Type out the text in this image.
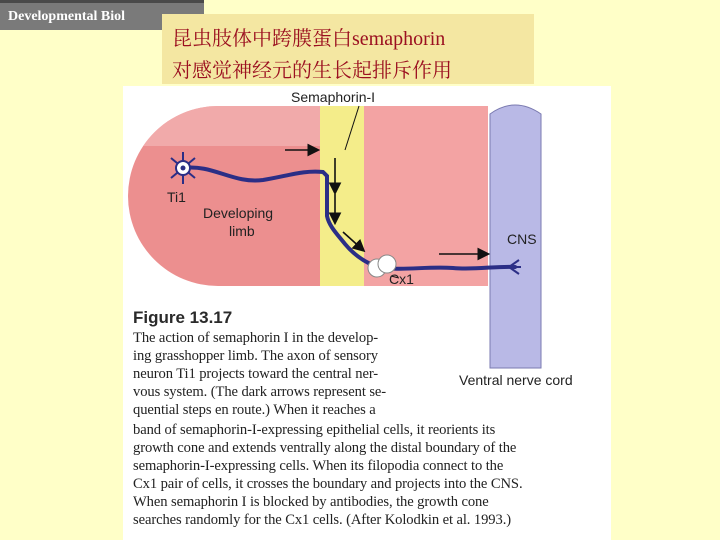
Developmental Biol
昆虫肢体中跨膜蛋白semaphorin
对感觉神经元的生长起排斥作用
Semaphorin-I
Ti1
Developing
limb	CNS
Cx1
Ventral nerve cord
Figure 13.17
The action of semaphorin I in the develop-
ing grasshopper limb. The axon of sensory
neuron Ti1 projects toward the central ner-
vous system. (The dark arrows represent se-
quential steps en route.) When it reaches a
band of semaphorin-I-expressing epithelial cells, it reorients its
growth cone and extends ventrally along the distal boundary of the
semaphorin-I-expressing cells. When its filopodia connect to the
Cx1 pair of cells, it crosses the boundary and projects into the CNS.
When semaphorin I is blocked by antibodies, the growth cone
searches randomly for the Cx1 cells. (After Kolodkin et al. 1993.)
